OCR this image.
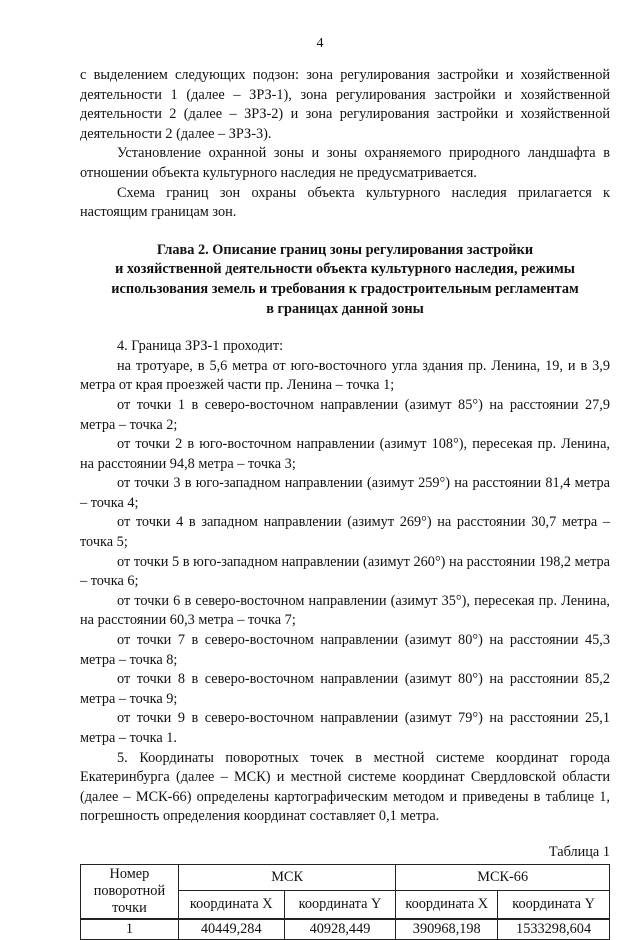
4

с выделением следующих подзон: зона регулирования застройки и хозяйственной деятельности 1 (далее – ЗРЗ-1), зона регулирования застройки и хозяйственной деятельности 2 (далее – ЗРЗ-2) и зона регулирования застройки и хозяйственной деятельности 2 (далее – ЗРЗ-3).

Установление охранной зоны и зоны охраняемого природного ландшафта в отношении объекта культурного наследия не предусматривается.

Схема границ зон охраны объекта культурного наследия прилагается к настоящим границам зон.

Глава 2. Описание границ зоны регулирования застройки
и хозяйственной деятельности объекта культурного наследия, режимы
использования земель и требования к градостроительным регламентам
в границах данной зоны

4. Граница ЗРЗ-1 проходит:

на тротуаре, в 5,6 метра от юго-восточного угла здания пр. Ленина, 19, и в 3,9 метра от края проезжей части пр. Ленина – точка 1;

от точки 1 в северо-восточном направлении (азимут 85°) на расстоянии 27,9 метра – точка 2;

от точки 2 в юго-восточном направлении (азимут 108°), пересекая пр. Ленина, на расстоянии 94,8 метра – точка 3;

от точки 3 в юго-западном направлении (азимут 259°) на расстоянии 81,4 метра – точка 4;

от точки 4 в западном направлении (азимут 269°) на расстоянии 30,7 метра – точка 5;

от точки 5 в юго-западном направлении (азимут 260°) на расстоянии 198,2 метра – точка 6;

от точки 6 в северо-восточном направлении (азимут 35°), пересекая пр. Ленина, на расстоянии 60,3 метра – точка 7;

от точки 7 в северо-восточном направлении (азимут 80°) на расстоянии 45,3 метра – точка 8;

от точки 8 в северо-восточном направлении (азимут 80°) на расстоянии 85,2 метра – точка 9;

от точки 9 в северо-восточном направлении (азимут 79°) на расстоянии 25,1 метра – точка 1.

5. Координаты поворотных точек в местной системе координат города Екатеринбурга (далее – МСК) и местной системе координат Свердловской области (далее – МСК-66) определены картографическим методом и приведены в таблице 1, погрешность определения координат составляет 0,1 метра.

Таблица 1
Номер поворотной точки	МСК		МСК-66	
	координата X	координата Y	координата X	координата Y
1	40449,284	40928,449	390968,198	1533298,604
